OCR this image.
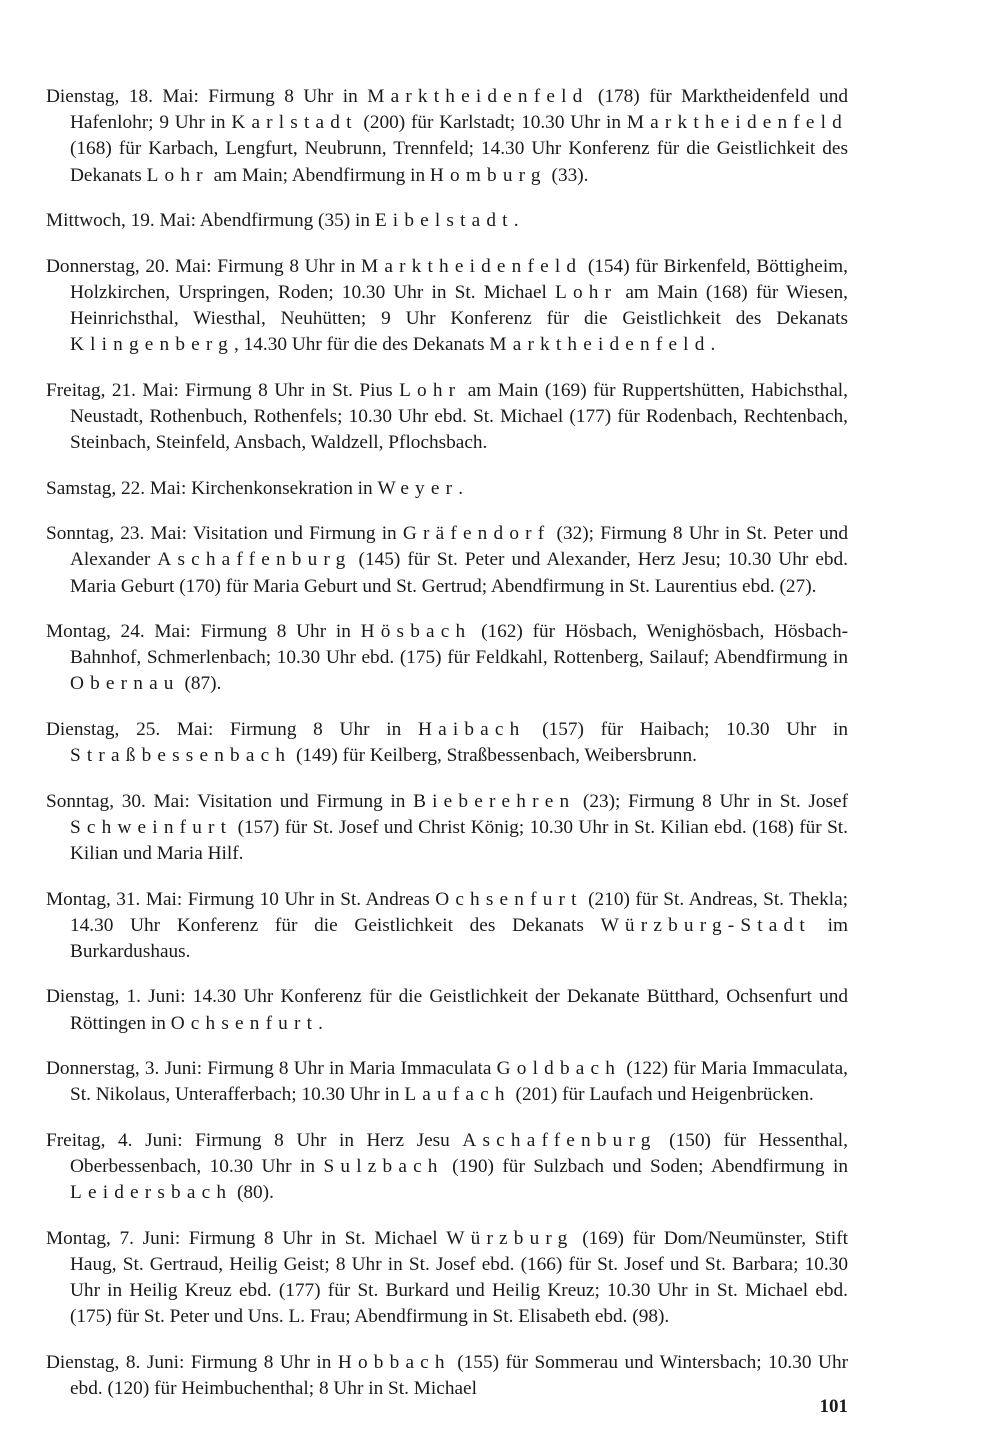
Dienstag, 18. Mai: Firmung 8 Uhr in Marktheidenfeld (178) für Marktheidenfeld und Hafenlohr; 9 Uhr in Karlstadt (200) für Karlstadt; 10.30 Uhr in Marktheidenfeld (168) für Karbach, Lengfurt, Neubrunn, Trennfeld; 14.30 Uhr Konferenz für die Geistlichkeit des Dekanats Lohr am Main; Abendfirmung in Homburg (33).

Mittwoch, 19. Mai: Abendfirmung (35) in Eibelstadt.

Donnerstag, 20. Mai: Firmung 8 Uhr in Marktheidenfeld (154) für Birkenfeld, Böttigheim, Holzkirchen, Urspringen, Roden; 10.30 Uhr in St. Michael Lohr am Main (168) für Wiesen, Heinrichsthal, Wiesthal, Neuhütten; 9 Uhr Konferenz für die Geistlichkeit des Dekanats Klingenberg, 14.30 Uhr für die des Dekanats Marktheidenfeld.

Freitag, 21. Mai: Firmung 8 Uhr in St. Pius Lohr am Main (169) für Ruppertshütten, Habichsthal, Neustadt, Rothenbuch, Rothenfels; 10.30 Uhr ebd. St. Michael (177) für Rodenbach, Rechtenbach, Steinbach, Steinfeld, Ansbach, Waldzell, Pflochsbach.

Samstag, 22. Mai: Kirchenkonsekration in Weyer.

Sonntag, 23. Mai: Visitation und Firmung in Gräfendorf (32); Firmung 8 Uhr in St. Peter und Alexander Aschaffenburg (145) für St. Peter und Alexander, Herz Jesu; 10.30 Uhr ebd. Maria Geburt (170) für Maria Geburt und St. Gertrud; Abendfirmung in St. Laurentius ebd. (27).

Montag, 24. Mai: Firmung 8 Uhr in Hösbach (162) für Hösbach, Wenighösbach, Hösbach-Bahnhof, Schmerlenbach; 10.30 Uhr ebd. (175) für Feldkahl, Rottenberg, Sailauf; Abendfirmung in Obernau (87).

Dienstag, 25. Mai: Firmung 8 Uhr in Haibach (157) für Haibach; 10.30 Uhr in Straßbessenbach (149) für Keilberg, Straßbessenbach, Weibersbrunn.

Sonntag, 30. Mai: Visitation und Firmung in Bieberehren (23); Firmung 8 Uhr in St. Josef Schweinfurt (157) für St. Josef und Christ König; 10.30 Uhr in St. Kilian ebd. (168) für St. Kilian und Maria Hilf.

Montag, 31. Mai: Firmung 10 Uhr in St. Andreas Ochsenfurt (210) für St. Andreas, St. Thekla; 14.30 Uhr Konferenz für die Geistlichkeit des Dekanats Würzburg-Stadt im Burkardushaus.

Dienstag, 1. Juni: 14.30 Uhr Konferenz für die Geistlichkeit der Dekanate Bütthard, Ochsenfurt und Röttingen in Ochsenfurt.

Donnerstag, 3. Juni: Firmung 8 Uhr in Maria Immaculata Goldbach (122) für Maria Immaculata, St. Nikolaus, Unterafferbach; 10.30 Uhr in Laufach (201) für Laufach und Heigenbrücken.

Freitag, 4. Juni: Firmung 8 Uhr in Herz Jesu Aschaffenburg (150) für Hessenthal, Oberbessenbach, 10.30 Uhr in Sulzbach (190) für Sulzbach und Soden; Abendfirmung in Leidersbach (80).

Montag, 7. Juni: Firmung 8 Uhr in St. Michael Würzburg (169) für Dom/Neumünster, Stift Haug, St. Gertraud, Heilig Geist; 8 Uhr in St. Josef ebd. (166) für St. Josef und St. Barbara; 10.30 Uhr in Heilig Kreuz ebd. (177) für St. Burkard und Heilig Kreuz; 10.30 Uhr in St. Michael ebd. (175) für St. Peter und Uns. L. Frau; Abendfirmung in St. Elisabeth ebd. (98).

Dienstag, 8. Juni: Firmung 8 Uhr in Hobbach (155) für Sommerau und Wintersbach; 10.30 Uhr ebd. (120) für Heimbuchenthal; 8 Uhr in St. Michael

101
